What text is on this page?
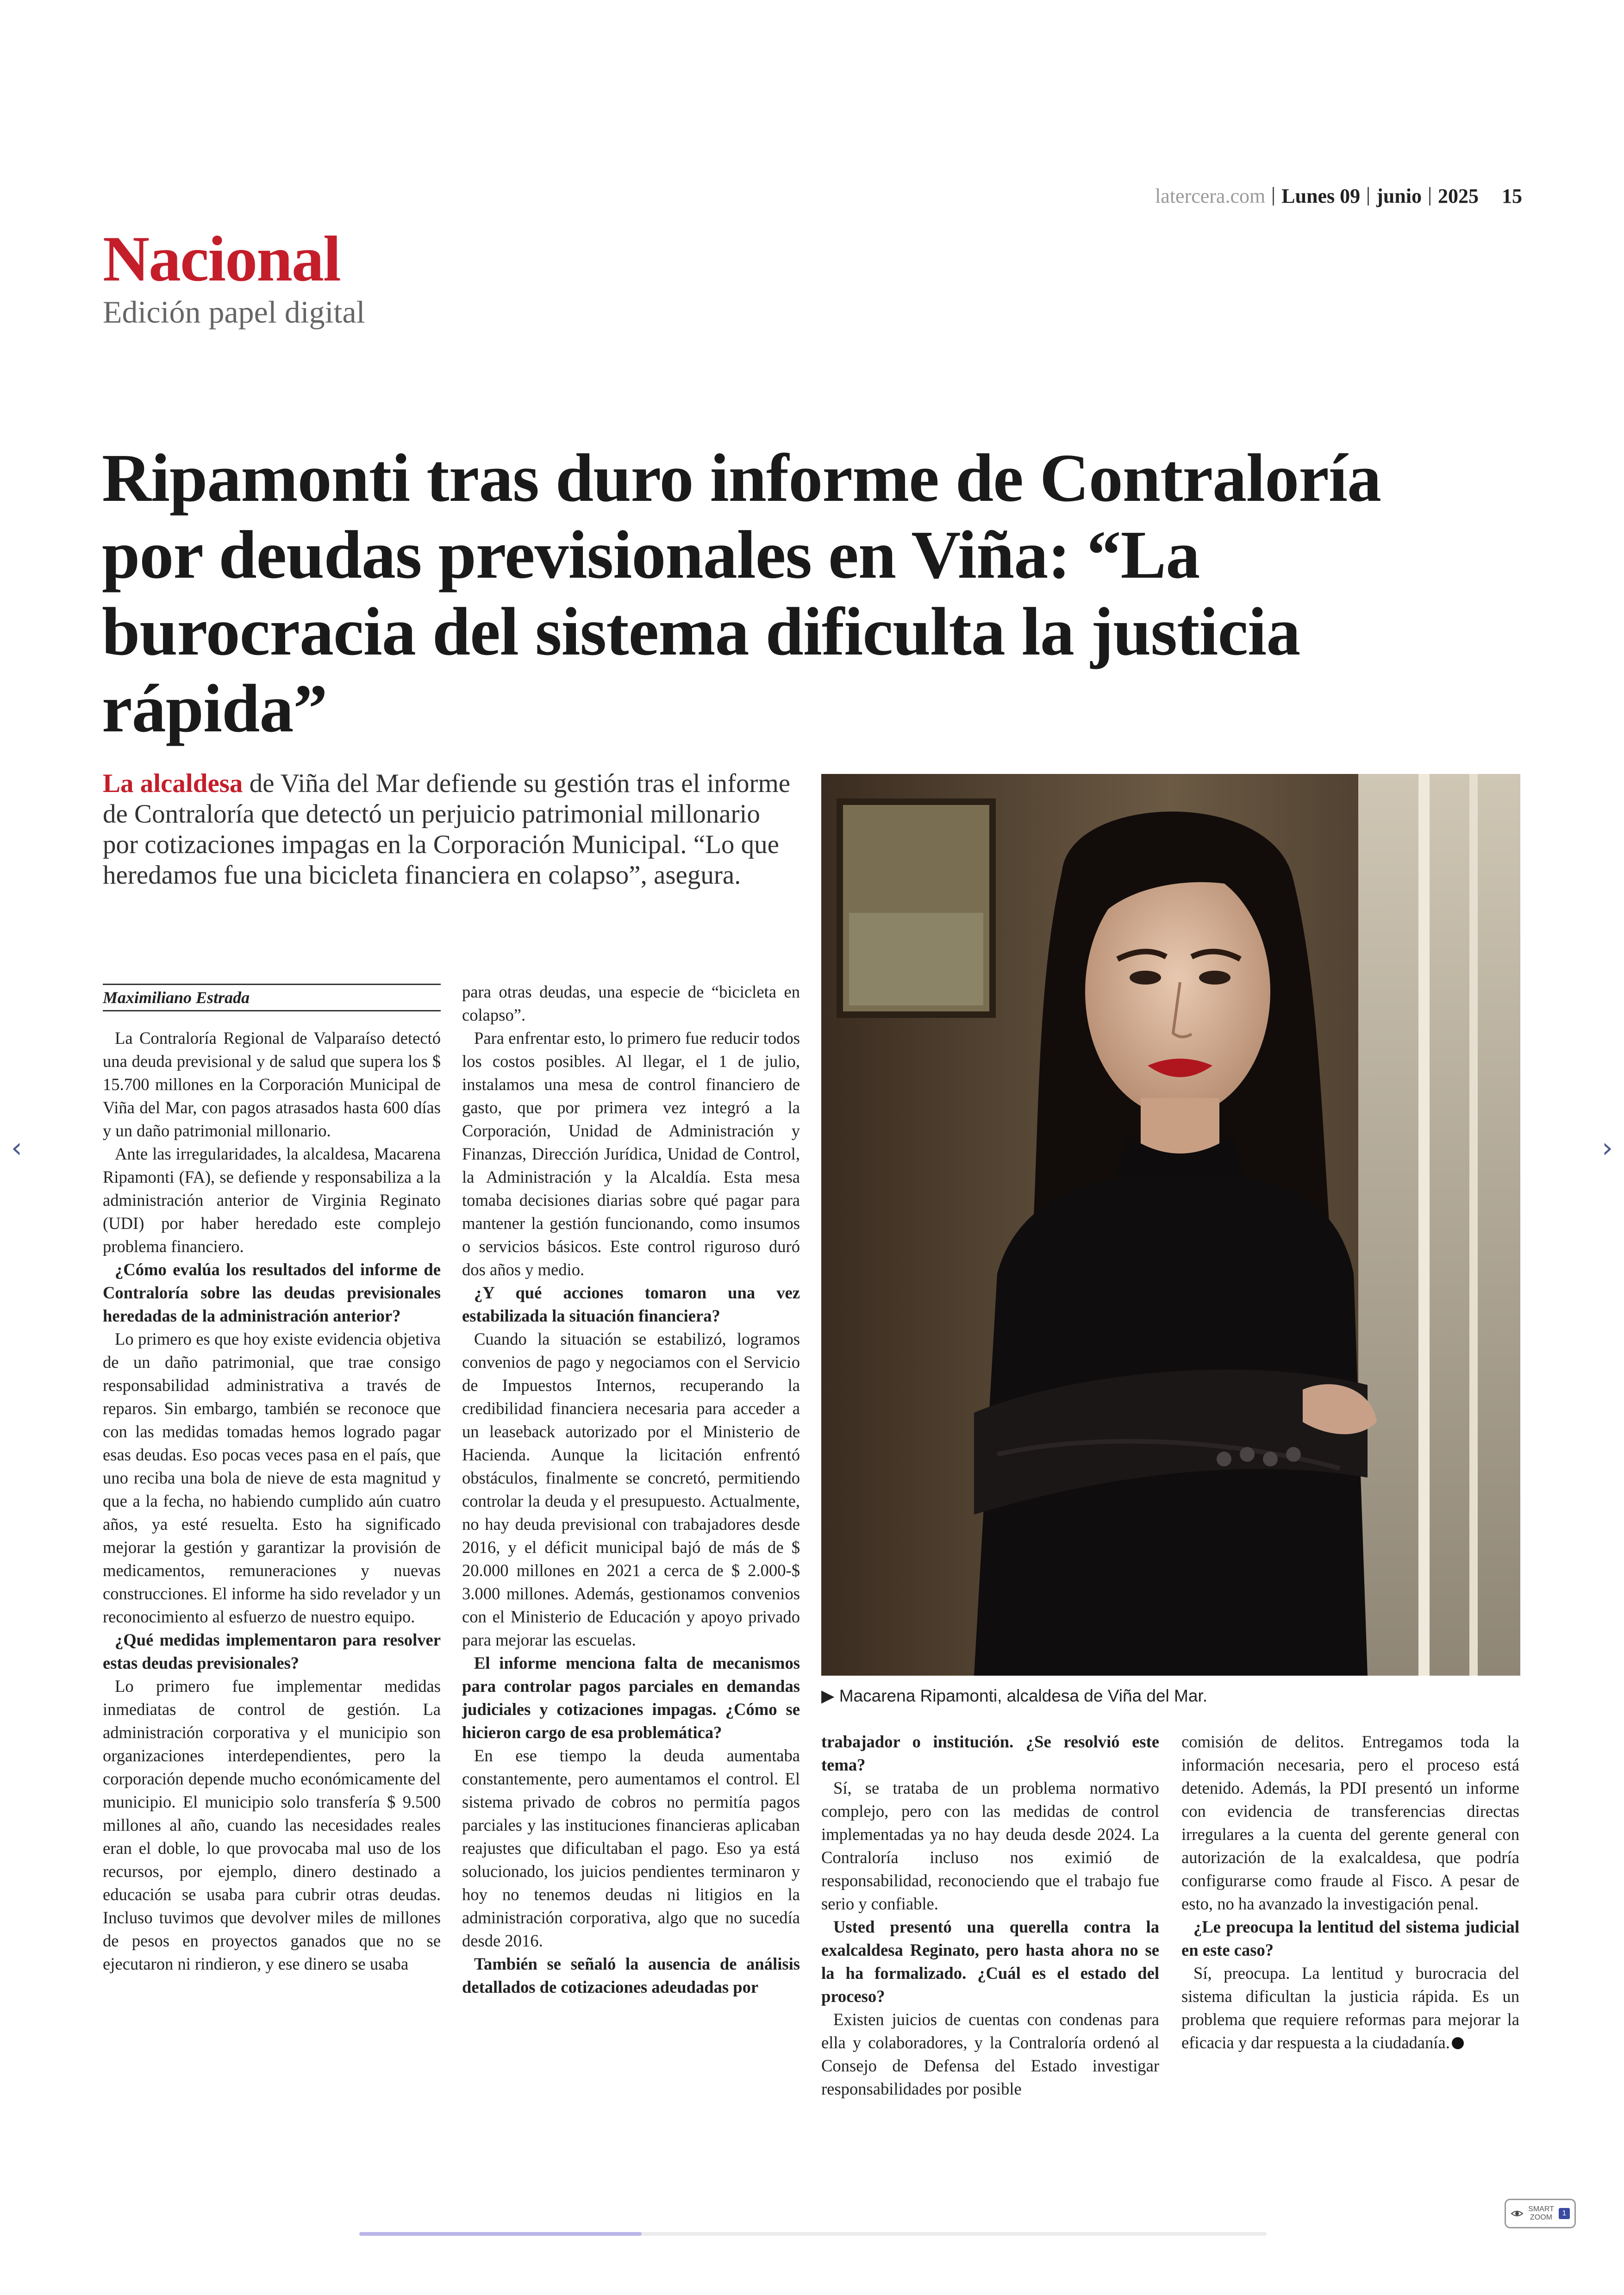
latercera.com Lunes 09 junio 2025 15
Nacional
Edición papel digital
Ripamonti tras duro informe de Contraloría por deudas previsionales en Viña: “La burocracia del sistema dificulta la justicia rápida”
La alcaldesa de Viña del Mar defiende su gestión tras el informe de Contraloría que detectó un perjuicio patrimonial millonario por cotizaciones impagas en la Corporación Municipal. “Lo que heredamos fue una bicicleta financiera en colapso”, asegura.
▶ Macarena Ripamonti, alcaldesa de Viña del Mar.
Maximiliano Estrada

La Contraloría Regional de Valparaíso detectó una deuda previsional y de salud que supera los $ 15.700 millones en la Corporación Municipal de Viña del Mar, con pagos atrasados hasta 600 días y un daño patrimonial millonario.

Ante las irregularidades, la alcaldesa, Macarena Ripamonti (FA), se defiende y responsabiliza a la administración anterior de Virginia Reginato (UDI) por haber heredado este complejo problema financiero.

¿Cómo evalúa los resultados del informe de Contraloría sobre las deudas previsionales heredadas de la administración anterior?

Lo primero es que hoy existe evidencia objetiva de un daño patrimonial, que trae consigo responsabilidad administrativa a través de reparos. Sin embargo, también se reconoce que con las medidas tomadas hemos logrado pagar esas deudas. Eso pocas veces pasa en el país, que uno reciba una bola de nieve de esta magnitud y que a la fecha, no habiendo cumplido aún cuatro años, ya esté resuelta. Esto ha significado mejorar la gestión y garantizar la provisión de medicamentos, remuneraciones y nuevas construcciones. El informe ha sido revelador y un reconocimiento al esfuerzo de nuestro equipo.

¿Qué medidas implementaron para resolver estas deudas previsionales?

Lo primero fue implementar medidas inmediatas de control de gestión. La administración corporativa y el municipio son organizaciones interdependientes, pero la corporación depende mucho económicamente del municipio. El municipio solo transfería $ 9.500 millones al año, cuando las necesidades reales eran el doble, lo que provocaba mal uso de los recursos, por ejemplo, dinero destinado a educación se usaba para cubrir otras deudas. Incluso tuvimos que devolver miles de millones de pesos en proyectos ganados que no se ejecutaron ni rindieron, y ese dinero se usaba

para otras deudas, una especie de “bicicleta en colapso”.

Para enfrentar esto, lo primero fue reducir todos los costos posibles. Al llegar, el 1 de julio, instalamos una mesa de control financiero de gasto, que por primera vez integró a la Corporación, Unidad de Administración y Finanzas, Dirección Jurídica, Unidad de Control, la Administración y la Alcaldía. Esta mesa tomaba decisiones diarias sobre qué pagar para mantener la gestión funcionando, como insumos o servicios básicos. Este control riguroso duró dos años y medio.

¿Y qué acciones tomaron una vez estabilizada la situación financiera?

Cuando la situación se estabilizó, logramos convenios de pago y negociamos con el Servicio de Impuestos Internos, recuperando la credibilidad financiera necesaria para acceder a un leaseback autorizado por el Ministerio de Hacienda. Aunque la licitación enfrentó obstáculos, finalmente se concretó, permitiendo controlar la deuda y el presupuesto. Actualmente, no hay deuda previsional con trabajadores desde 2016, y el déficit municipal bajó de más de $ 20.000 millones en 2021 a cerca de $ 2.000-$ 3.000 millones. Además, gestionamos convenios con el Ministerio de Educación y apoyo privado para mejorar las escuelas.

El informe menciona falta de mecanismos para controlar pagos parciales en demandas judiciales y cotizaciones impagas. ¿Cómo se hicieron cargo de esa problemática?

En ese tiempo la deuda aumentaba constantemente, pero aumentamos el control. El sistema privado de cobros no permitía pagos parciales y las instituciones financieras aplicaban reajustes que dificultaban el pago. Eso ya está solucionado, los juicios pendientes terminaron y hoy no tenemos deudas ni litigios en la administración corporativa, algo que no sucedía desde 2016.

También se señaló la ausencia de análisis detallados de cotizaciones adeudadas por

trabajador o institución. ¿Se resolvió este tema?

Sí, se trataba de un problema normativo complejo, pero con las medidas de control implementadas ya no hay deuda desde 2024. La Contraloría incluso nos eximió de responsabilidad, reconociendo que el trabajo fue serio y confiable.

Usted presentó una querella contra la exalcaldesa Reginato, pero hasta ahora no se la ha formalizado. ¿Cuál es el estado del proceso?

Existen juicios de cuentas con condenas para ella y colaboradores, y la Contraloría ordenó al Consejo de Defensa del Estado investigar responsabilidades por posible

comisión de delitos. Entregamos toda la información necesaria, pero el proceso está detenido. Además, la PDI presentó un informe con evidencia de transferencias directas irregulares a la cuenta del gerente general con autorización de la exalcaldesa, que podría configurarse como fraude al Fisco. A pesar de esto, no ha avanzado la investigación penal.

¿Le preocupa la lentitud del sistema judicial en este caso?

Sí, preocupa. La lentitud y burocracia del sistema dificultan la justicia rápida. Es un problema que requiere reformas para mejorar la eficacia y dar respuesta a la ciudadanía.

‹	›
SMART
ZOOM
1
